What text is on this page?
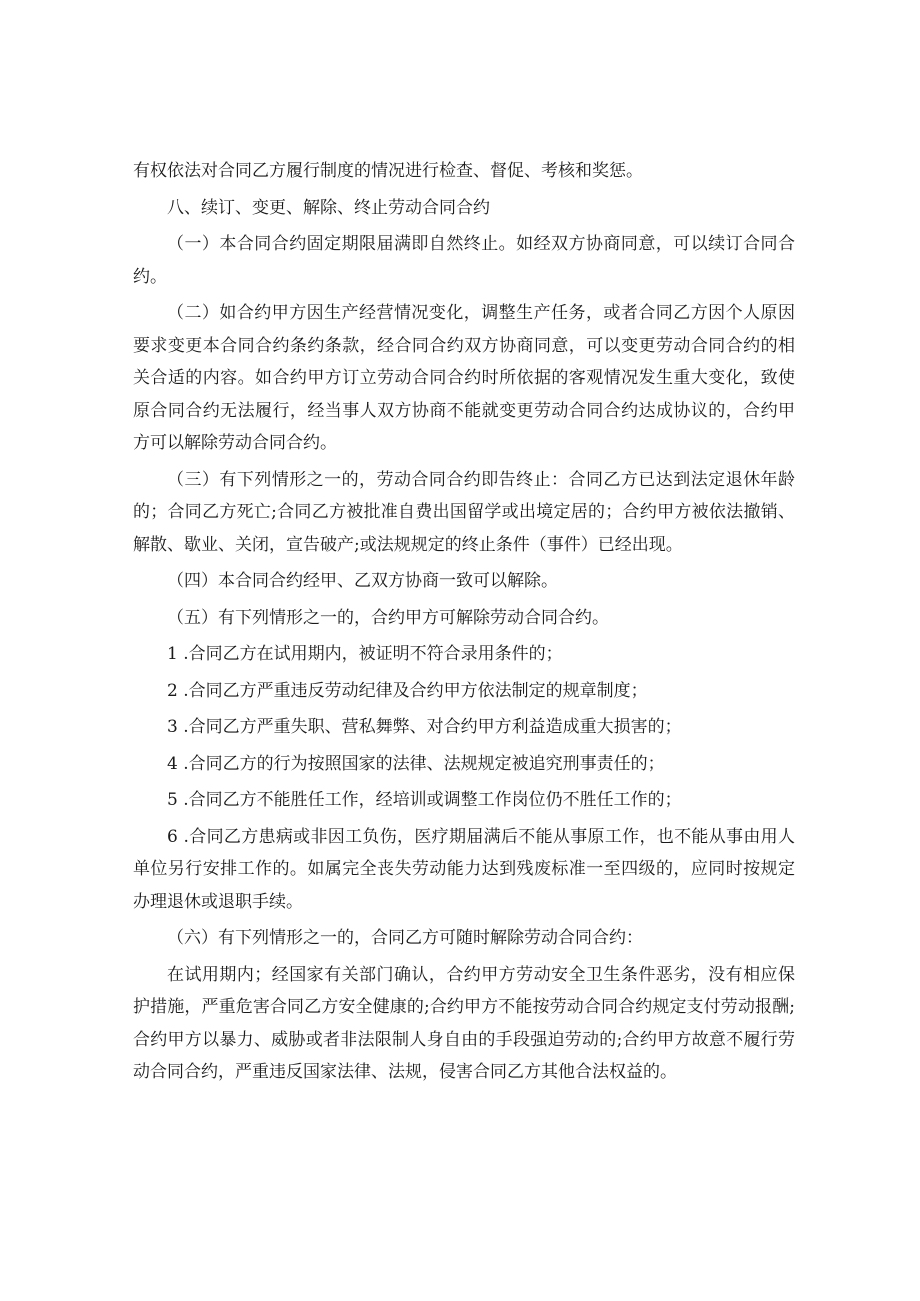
有权依法对合同乙方履行制度的情况进行检查、督促、考核和奖惩。

八、续订、变更、解除、终止劳动合同合约

（一）本合同合约固定期限届满即自然终止。如经双方协商同意，可以续订合同合约。

（二）如合约甲方因生产经营情况变化，调整生产任务，或者合同乙方因个人原因要求变更本合同合约条约条款，经合同合约双方协商同意，可以变更劳动合同合约的相关合适的内容。如合约甲方订立劳动合同合约时所依据的客观情况发生重大变化，致使原合同合约无法履行，经当事人双方协商不能就变更劳动合同合约达成协议的，合约甲方可以解除劳动合同合约。

（三）有下列情形之一的，劳动合同合约即告终止：合同乙方已达到法定退休年龄的；合同乙方死亡;合同乙方被批准自费出国留学或出境定居的；合约甲方被依法撤销、解散、歇业、关闭，宣告破产;或法规规定的终止条件（事件）已经出现。

（四）本合同合约经甲、乙双方协商一致可以解除。

（五）有下列情形之一的，合约甲方可解除劳动合同合约。

1 .合同乙方在试用期内，被证明不符合录用条件的；

2 .合同乙方严重违反劳动纪律及合约甲方依法制定的规章制度；

3 .合同乙方严重失职、营私舞弊、对合约甲方利益造成重大损害的；

4 .合同乙方的行为按照国家的法律、法规规定被追究刑事责任的；

5 .合同乙方不能胜任工作，经培训或调整工作岗位仍不胜任工作的；

6 .合同乙方患病或非因工负伤，医疗期届满后不能从事原工作，也不能从事由用人单位另行安排工作的。如属完全丧失劳动能力达到残废标准一至四级的，应同时按规定办理退休或退职手续。

（六）有下列情形之一的，合同乙方可随时解除劳动合同合约：

在试用期内；经国家有关部门确认，合约甲方劳动安全卫生条件恶劣，没有相应保护措施，严重危害合同乙方安全健康的;合约甲方不能按劳动合同合约规定支付劳动报酬;合约甲方以暴力、威胁或者非法限制人身自由的手段强迫劳动的;合约甲方故意不履行劳动合同合约，严重违反国家法律、法规，侵害合同乙方其他合法权益的。
